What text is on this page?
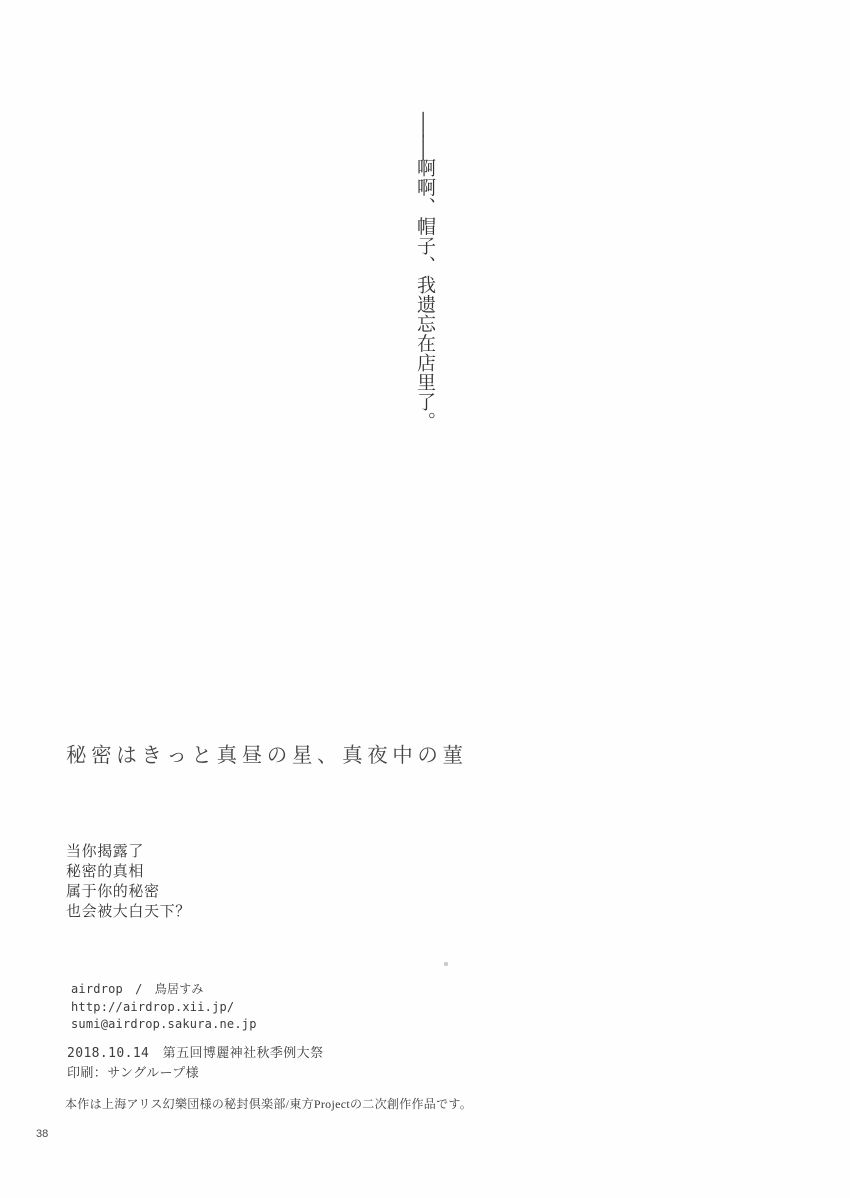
——啊啊、帽子、我遗忘在店里了。
秘密はきっと真昼の星、真夜中の菫
当你揭露了
秘密的真相
属于你的秘密
也会被大白天下？
airdrop　/　鳥居すみ
http://airdrop.xii.jp/
sumi@airdrop.sakura.ne.jp
2018.10.14　第五回博麗神社秋季例大祭
印刷：サングループ様
本作は上海アリス幻樂団様の秘封倶楽部/東方Projectの二次創作作品です。
38
